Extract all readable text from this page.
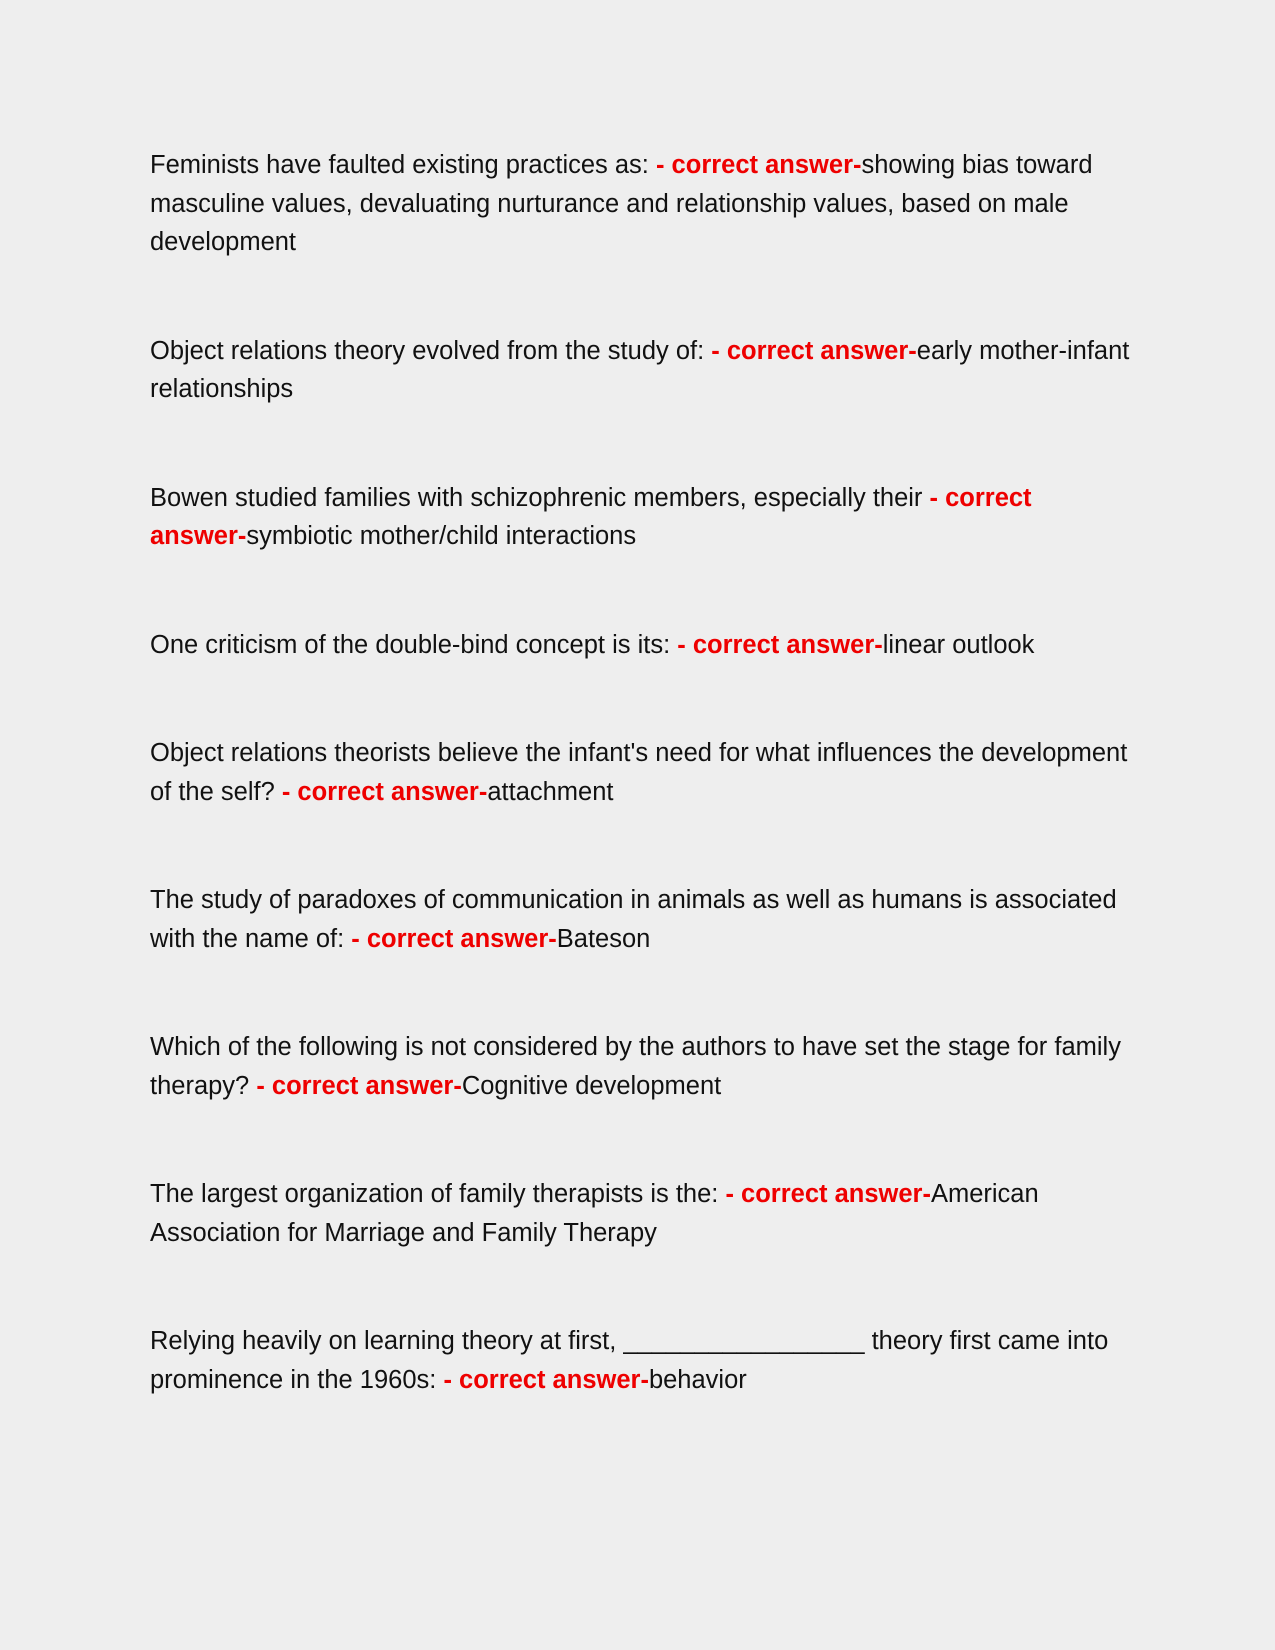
Feminists have faulted existing practices as: - correct answer-showing bias toward masculine values, devaluating nurturance and relationship values, based on male development

Object relations theory evolved from the study of: - correct answer-early mother-infant relationships

Bowen studied families with schizophrenic members, especially their - correct answer-symbiotic mother/child interactions

One criticism of the double-bind concept is its: - correct answer-linear outlook

Object relations theorists believe the infant's need for what influences the development of the self? - correct answer-attachment

The study of paradoxes of communication in animals as well as humans is associated with the name of: - correct answer-Bateson

Which of the following is not considered by the authors to have set the stage for family therapy? - correct answer-Cognitive development

The largest organization of family therapists is the: - correct answer-American Association for Marriage and Family Therapy

Relying heavily on learning theory at first, _________________ theory first came into prominence in the 1960s: - correct answer-behavior
